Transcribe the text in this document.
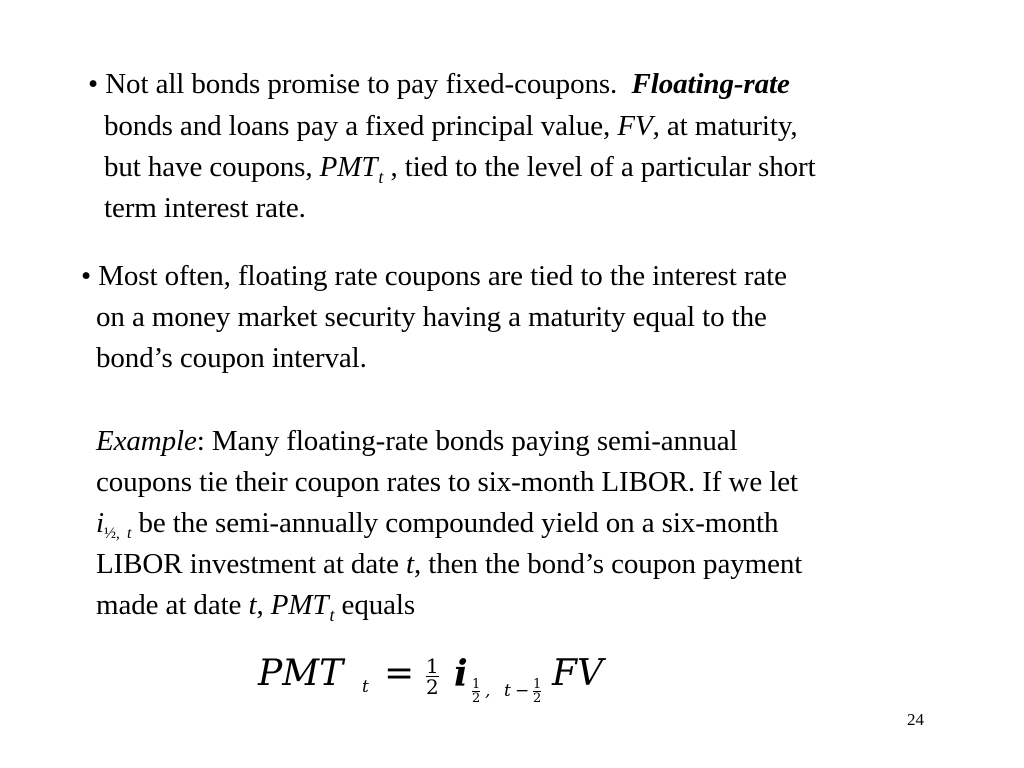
• Not all bonds promise to pay fixed-coupons. Floating-rate
bonds and loans pay a fixed principal value, FV, at maturity,
but have coupons, $PMT_t$ , tied to the level of a particular short
term interest rate.
• Most often, floating rate coupons are tied to the interest rate
on a money market security having a maturity equal to the
bond’s coupon interval.
Example: Many floating-rate bonds paying semi-annual
coupons tie their coupon rates to six-month LIBOR. If we let
$i_{\frac{1}{2},}$ $_t$ be the semi-annually compounded yield on a six-month
LIBOR investment at date t, then the bond’s coupon payment
made at date t, $PMT_t$ equals
PMT t = 1
2 i 1
2 , t − 1
2
FV
24
